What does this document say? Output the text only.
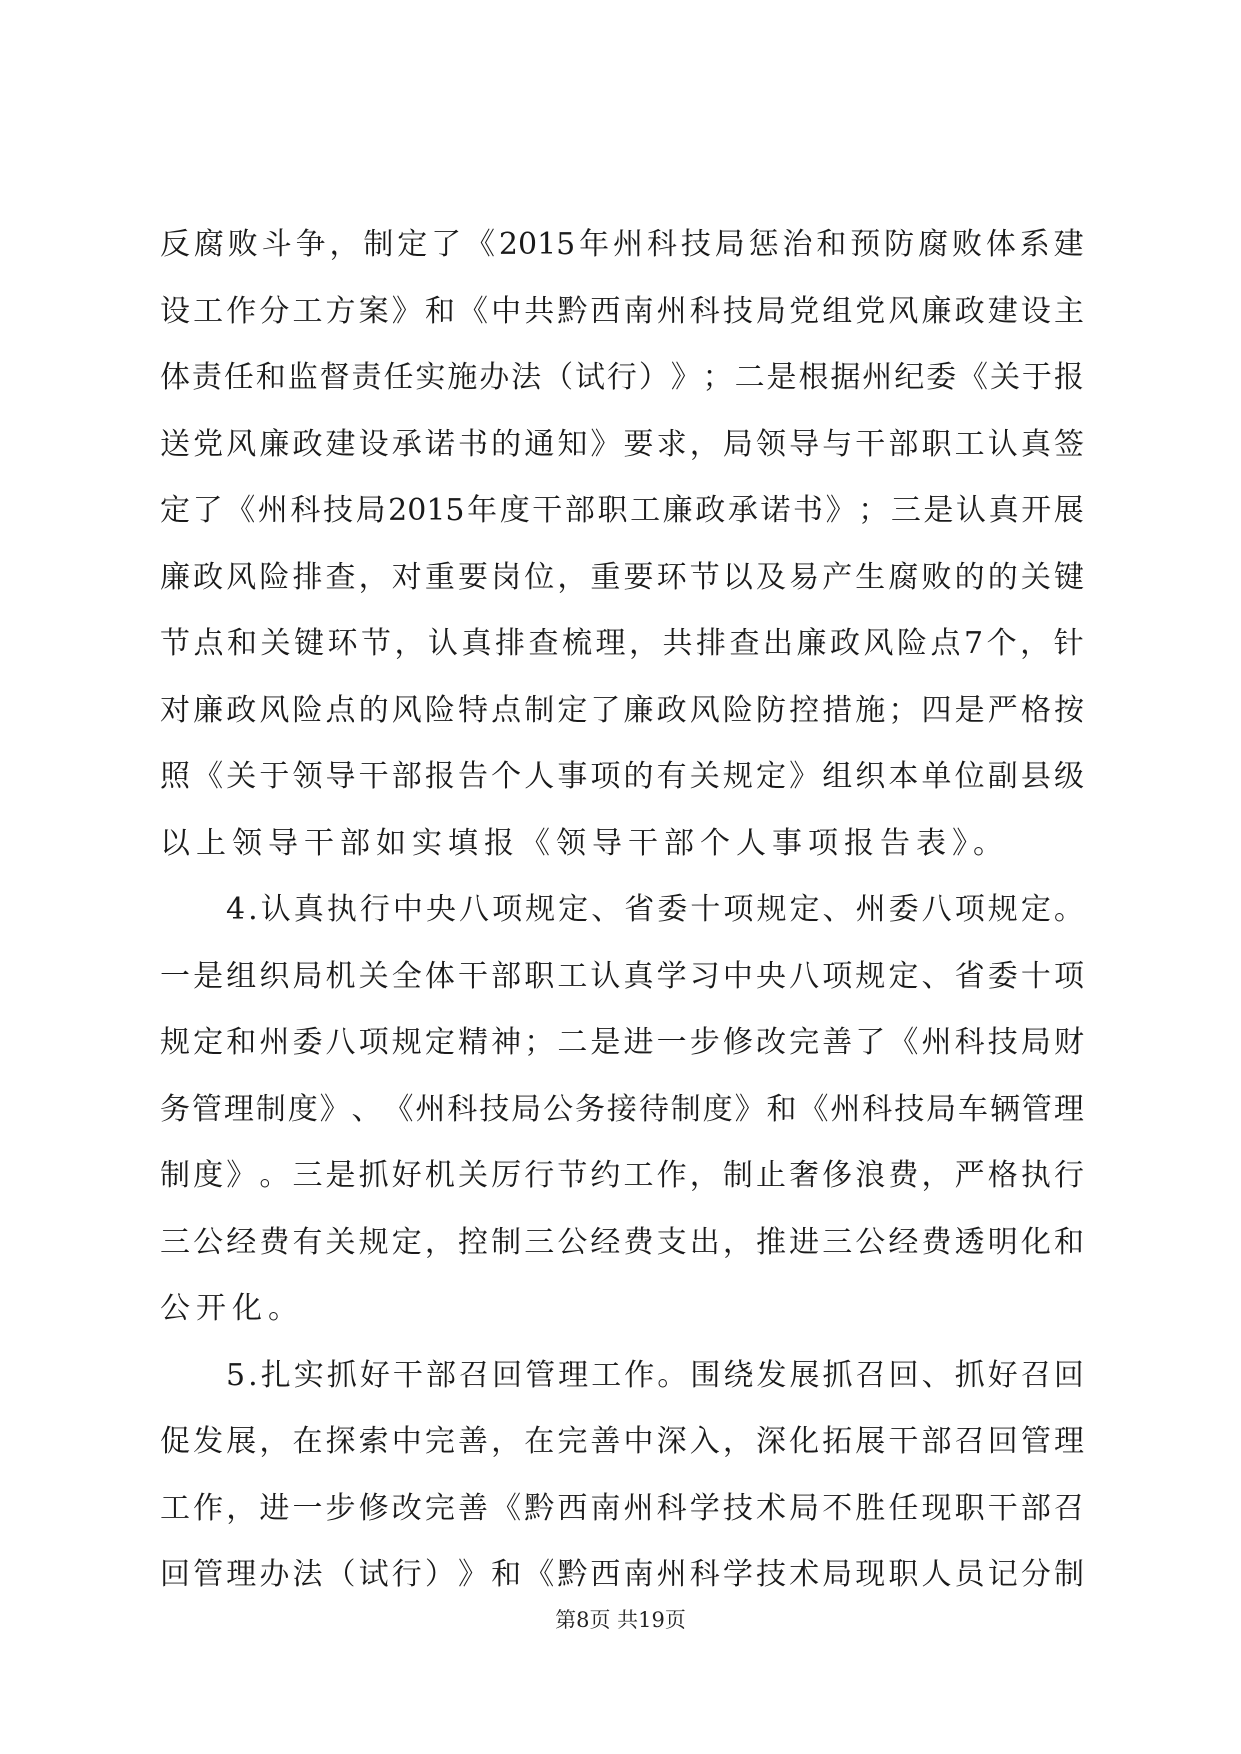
反 腐 败 斗 争 ， 制 定 了 《 2015 年 州 科 技 局 惩 治 和 预 防 腐 败 体 系 建
设 工 作 分 工 方 案 》 和 《 中 共 黔 西 南 州 科 技 局 党 组 党 风 廉 政 建 设 主
体 责 任 和 监 督 责 任 实 施 办 法 （ 试 行 ） 》 ； 二 是 根 据 州 纪 委 《 关 于 报
送 党 风 廉 政 建 设 承 诺 书 的 通 知 》 要 求 ， 局 领 导 与 干 部 职 工 认 真 签
定 了 《 州 科 技 局 2015 年 度 干 部 职 工 廉 政 承 诺 书 》 ； 三 是 认 真 开 展
廉 政 风 险 排 查 ， 对 重 要 岗 位 ， 重 要 环 节 以 及 易 产 生 腐 败 的 的 关 键
节 点 和 关 键 环 节 ， 认 真 排 查 梳 理 ， 共 排 查 出 廉 政 风 险 点 7 个 ， 针
对 廉 政 风 险 点 的 风 险 特 点 制 定 了 廉 政 风 险 防 控 措 施 ； 四 是 严 格 按
照 《 关 于 领 导 干 部 报 告 个 人 事 项 的 有 关 规 定 》 组 织 本 单 位 副 县 级
以上领导干部如实填报《领导干部个人事项报告表》。
4 . 认 真 执 行 中 央 八 项 规 定 、 省 委 十 项 规 定 、 州 委 八 项 规 定 。
一 是 组 织 局 机 关 全 体 干 部 职 工 认 真 学 习 中 央 八 项 规 定 、 省 委 十 项
规 定 和 州 委 八 项 规 定 精 神 ； 二 是 进 一 步 修 改 完 善 了 《 州 科 技 局 财
务 管 理 制 度 》 、 《 州 科 技 局 公 务 接 待 制 度 》 和 《 州 科 技 局 车 辆 管 理
制 度 》 。 三 是 抓 好 机 关 厉 行 节 约 工 作 ， 制 止 奢 侈 浪 费 ， 严 格 执 行
三 公 经 费 有 关 规 定 ， 控 制 三 公 经 费 支 出 ， 推 进 三 公 经 费 透 明 化 和
公开化。
5 . 扎 实 抓 好 干 部 召 回 管 理 工 作 。 围 绕 发 展 抓 召 回 、 抓 好 召 回
促 发 展 ， 在 探 索 中 完 善 ， 在 完 善 中 深 入 ， 深 化 拓 展 干 部 召 回 管 理
工 作 ， 进 一 步 修 改 完 善 《 黔 西 南 州 科 学 技 术 局 不 胜 任 现 职 干 部 召
回 管 理 办 法 （ 试 行 ） 》 和 《 黔 西 南 州 科 学 技 术 局 现 职 人 员 记 分 制
第8页 共19页
